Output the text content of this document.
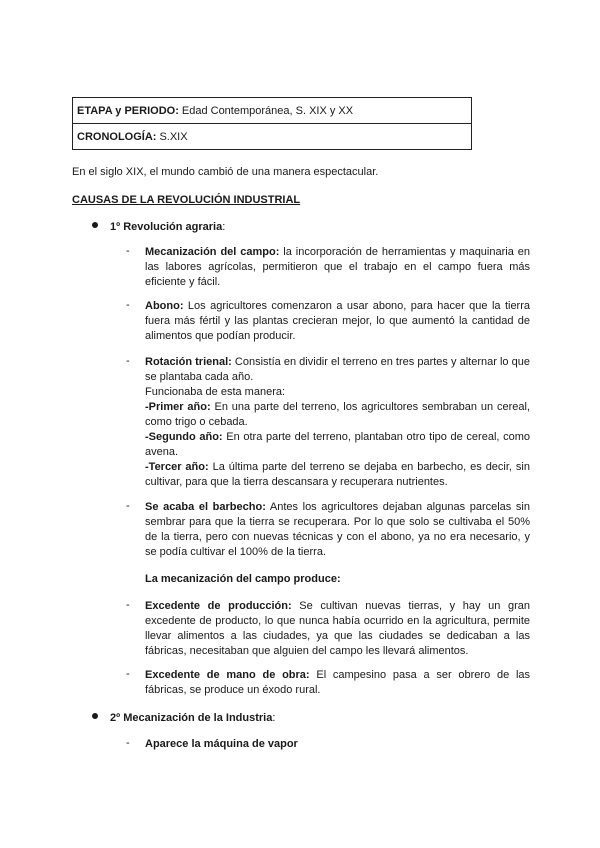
ETAPA y PERIODO: Edad Contemporánea, S. XIX y XX
CRONOLOGÍA: S.XIX
En el siglo XIX, el mundo cambió de una manera espectacular.
CAUSAS DE LA REVOLUCIÓN INDUSTRIAL
1º Revolución agraria :
- Mecanización del campo: la incorporación de herramientas y maquinaria en las labores agrícolas, permitieron que el trabajo en el campo fuera más eficiente y fácil.
- Abono: Los agricultores comenzaron a usar abono, para hacer que la tierra fuera más fértil y las plantas crecieran mejor, lo que aumentó la cantidad de alimentos que podían producir.
- Rotación trienal: Consistía en dividir el terreno en tres partes y alternar lo que se plantaba cada año.
Funcionaba de esta manera:
-Primer año: En una parte del terreno, los agricultores sembraban un cereal, como trigo o cebada.
-Segundo año: En otra parte del terreno, plantaban otro tipo de cereal, como avena.
-Tercer año: La última parte del terreno se dejaba en barbecho, es decir, sin cultivar, para que la tierra descansara y recuperara nutrientes.
- Se acaba el barbecho: Antes los agricultores dejaban algunas parcelas sin sembrar para que la tierra se recuperara. Por lo que solo se cultivaba el 50% de la tierra, pero con nuevas técnicas y con el abono, ya no era necesario, y se podía cultivar el 100% de la tierra.
La mecanización del campo produce:
- Excedente de producción: Se cultivan nuevas tierras, y hay un gran excedente de producto, lo que nunca había ocurrido en la agricultura, permite llevar alimentos a las ciudades, ya que las ciudades se dedicaban a las fábricas, necesitaban que alguien del campo les llevará alimentos.
- Excedente de mano de obra: El campesino pasa a ser obrero de las fábricas, se produce un éxodo rural.
2º Mecanización de la Industria :
- Aparece la máquina de vapor
